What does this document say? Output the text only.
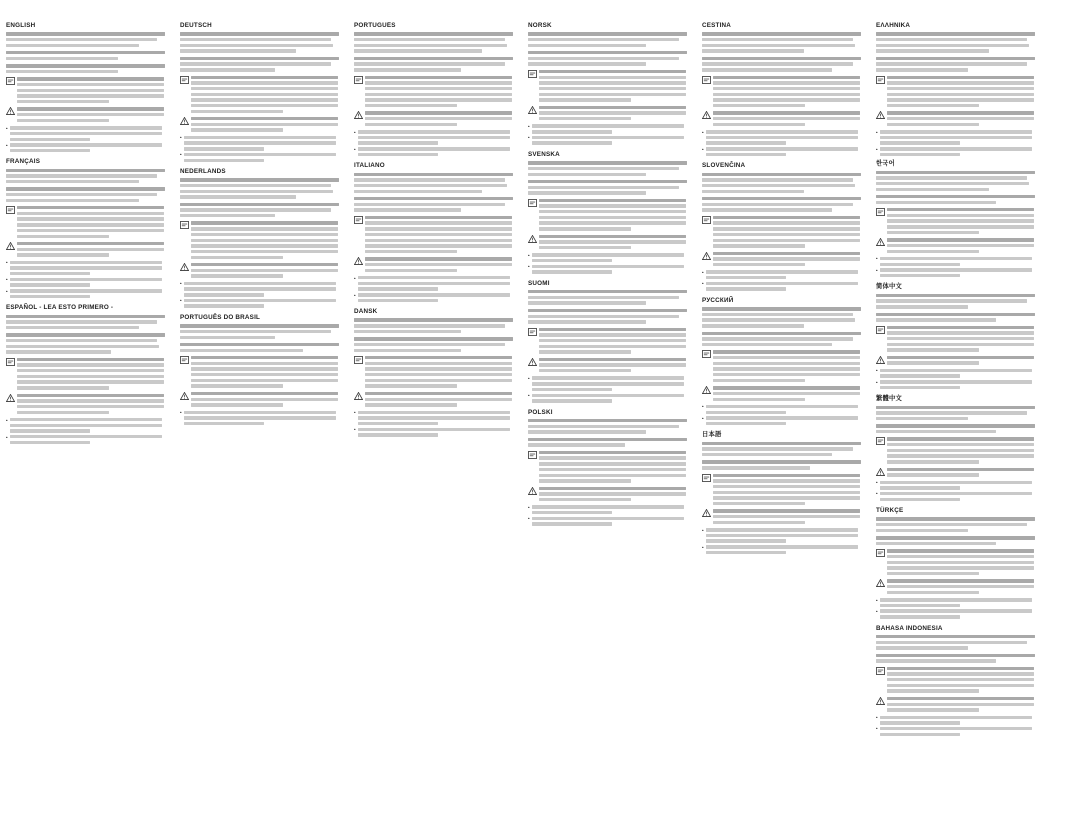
ENGLISH
•
•
FRANÇAIS
•
•
•
ESPAÑOL - LEA ESTO PRIMERO -
•
•
DEUTSCH
•
•
NEDERLANDS
•
•
PORTUGUÊS DO BRASIL
•
PORTUGUÊS
•
•
ITALIANO
•
•
DANSK
•
•
NORSK
•
•
SVENSKA
•
•
SUOMI
•
•
POLSKI
•
•
ČEŠTINA
•
•
SLOVENČINA
•
•
РУССКИЙ
•
•
日本語
•
•
ΕΛΛΗΝΙΚΑ
•
•
한국어
•
•
简体中文
•
•
繁體中文
•
•
TÜRKÇE
•
•
BAHASA INDONESIA
•
•
